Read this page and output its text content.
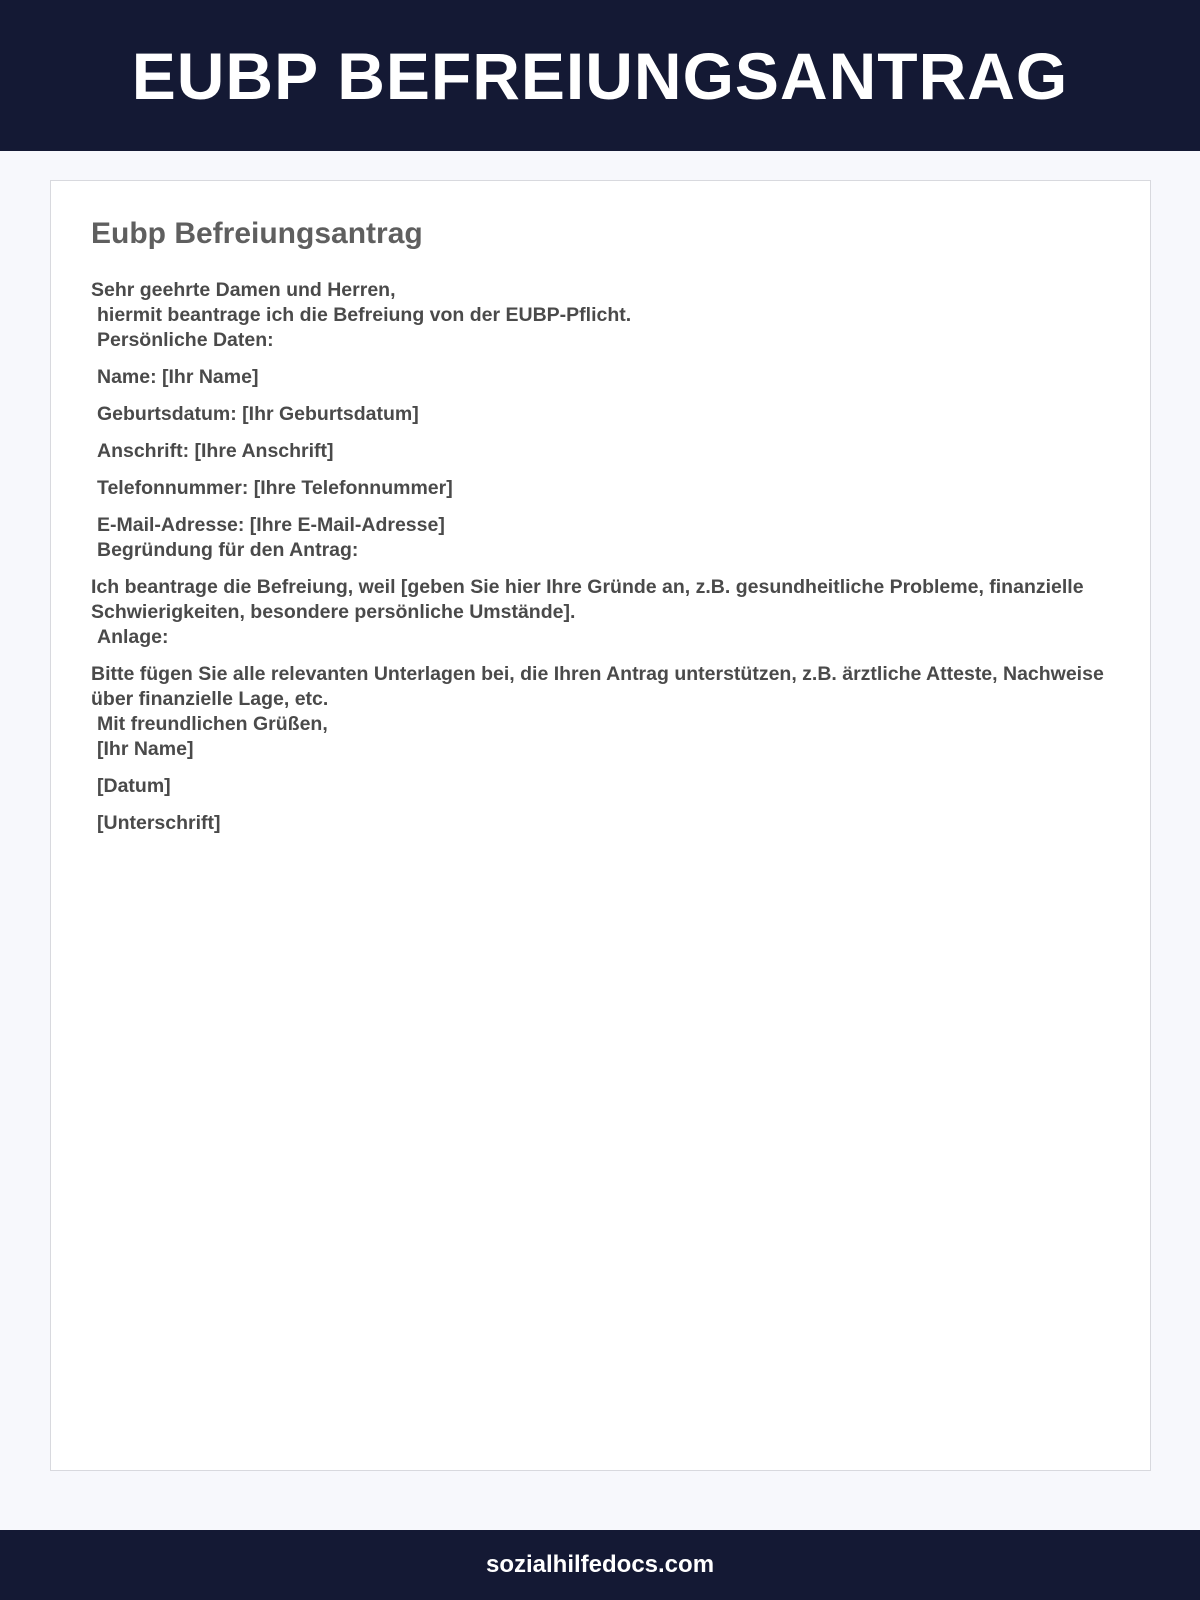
EUBP BEFREIUNGSANTRAG
Eubp Befreiungsantrag
Sehr geehrte Damen und Herren,
hiermit beantrage ich die Befreiung von der EUBP-Pflicht.
Persönliche Daten:
Name: [Ihr Name]
Geburtsdatum: [Ihr Geburtsdatum]
Anschrift: [Ihre Anschrift]
Telefonnummer: [Ihre Telefonnummer]
E-Mail-Adresse: [Ihre E-Mail-Adresse]
Begründung für den Antrag:
Ich beantrage die Befreiung, weil [geben Sie hier Ihre Gründe an, z.B. gesundheitliche Probleme, finanzielle Schwierigkeiten, besondere persönliche Umstände].
Anlage:
Bitte fügen Sie alle relevanten Unterlagen bei, die Ihren Antrag unterstützen, z.B. ärztliche Atteste, Nachweise über finanzielle Lage, etc.
Mit freundlichen Grüßen,
[Ihr Name]
[Datum]
[Unterschrift]
sozialhilfedocs.com
